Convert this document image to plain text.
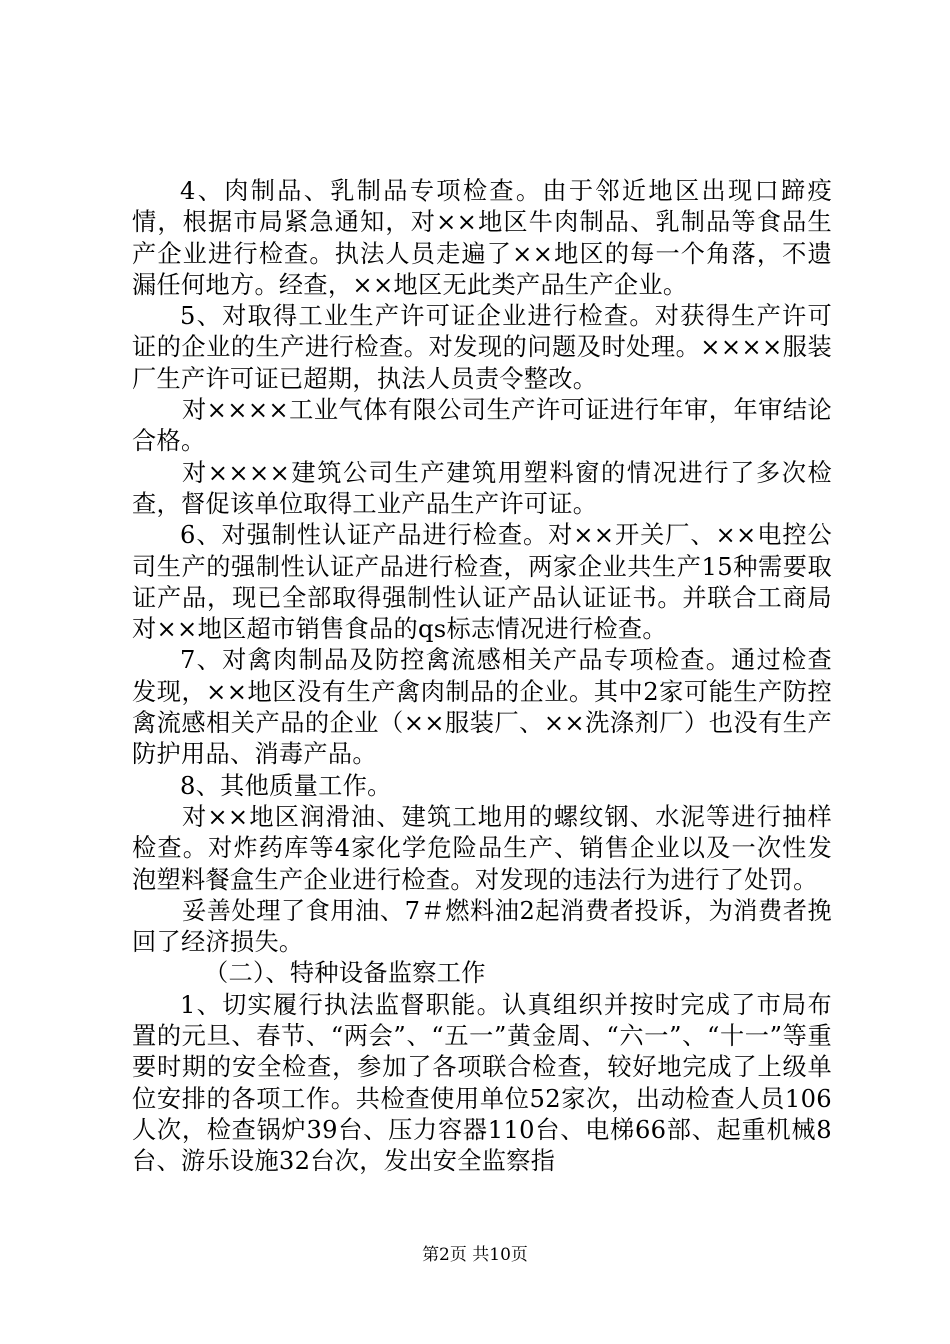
4、肉制品、乳制品专项检查。由于邻近地区出现口蹄疫情，根据市局紧急通知，对××地区牛肉制品、乳制品等食品生产企业进行检查。执法人员走遍了××地区的每一个角落，不遗漏任何地方。经查，××地区无此类产品生产企业。

5、对取得工业生产许可证企业进行检查。对获得生产许可证的企业的生产进行检查。对发现的问题及时处理。××××服装厂生产许可证已超期，执法人员责令整改。

对××××工业气体有限公司生产许可证进行年审，年审结论合格。

对××××建筑公司生产建筑用塑料窗的情况进行了多次检查，督促该单位取得工业产品生产许可证。

6、对强制性认证产品进行检查。对××开关厂、××电控公司生产的强制性认证产品进行检查，两家企业共生产15种需要取证产品，现已全部取得强制性认证产品认证证书。并联合工商局对××地区超市销售食品的qs标志情况进行检查。

7、对禽肉制品及防控禽流感相关产品专项检查。通过检查发现，××地区没有生产禽肉制品的企业。其中2家可能生产防控禽流感相关产品的企业（××服装厂、××洗涤剂厂）也没有生产防护用品、消毒产品。

8、其他质量工作。

对××地区润滑油、建筑工地用的螺纹钢、水泥等进行抽样检查。对炸药库等4家化学危险品生产、销售企业以及一次性发泡塑料餐盒生产企业进行检查。对发现的违法行为进行了处罚。

妥善处理了食用油、7＃燃料油2起消费者投诉，为消费者挽回了经济损失。

（二）、特种设备监察工作

1、切实履行执法监督职能。认真组织并按时完成了市局布置的元旦、春节、“两会”、“五一”黄金周、“六一”、“十一”等重要时期的安全检查，参加了各项联合检查，较好地完成了上级单位安排的各项工作。共检查使用单位52家次，出动检查人员106人次，检查锅炉39台、压力容器110台、电梯66部、起重机械8台、游乐设施32台次，发出安全监察指

第2页 共10页
